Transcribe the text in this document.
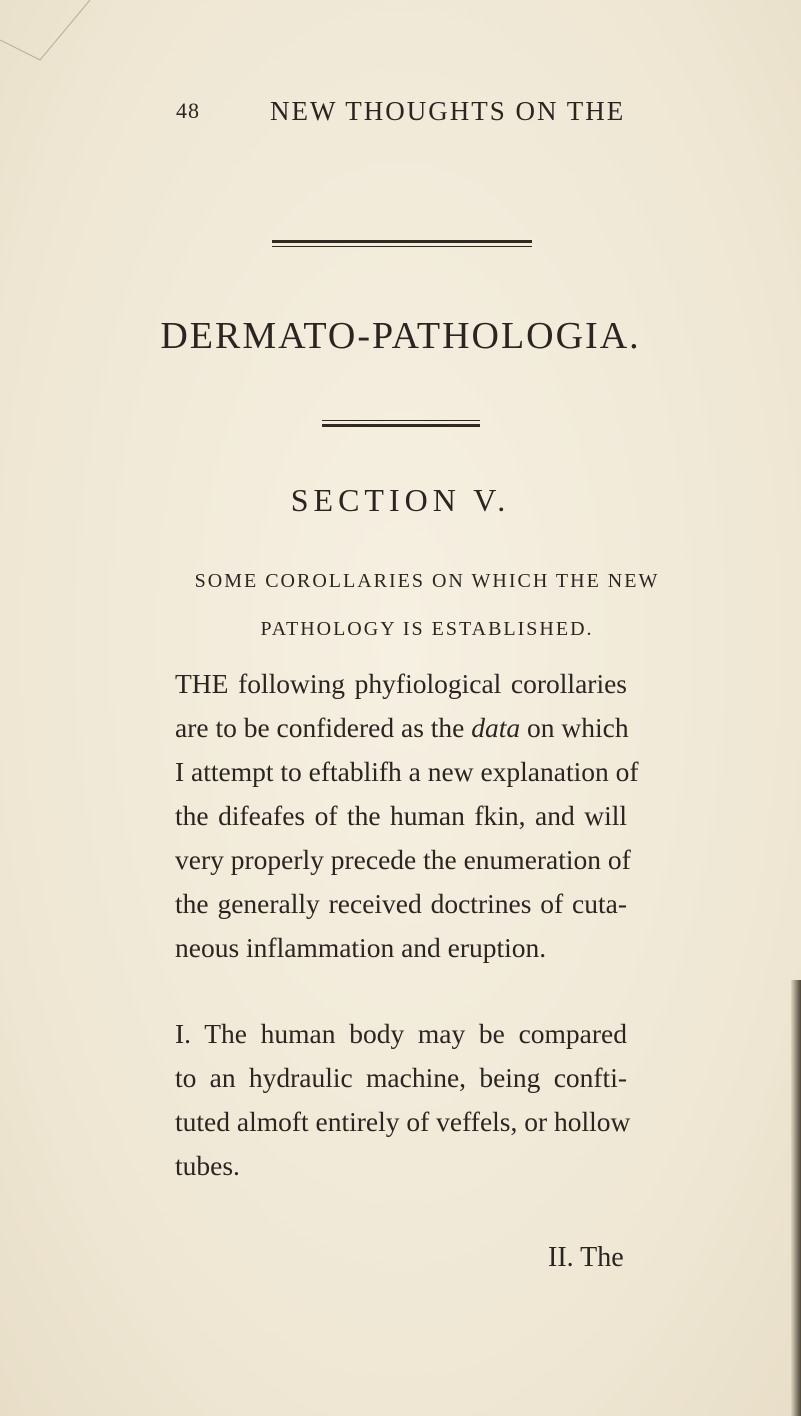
48	NEW THOUGHTS ON THE
DERMATO-PATHOLOGIA.
SECTION V.
SOME COROLLARIES ON WHICH THE NEW
PATHOLOGY IS ESTABLISHED.
THE following phyfiological corollaries
are to be confidered as the data on which
I attempt to eftablifh a new explanation of
the difeafes of the human fkin, and will
very properly precede the enumeration of
the generally received doctrines of cuta-
neous inflammation and eruption.
I. The human body may be compared
to an hydraulic machine, being confti-
tuted almoft entirely of veffels, or hollow
tubes.
II. The
